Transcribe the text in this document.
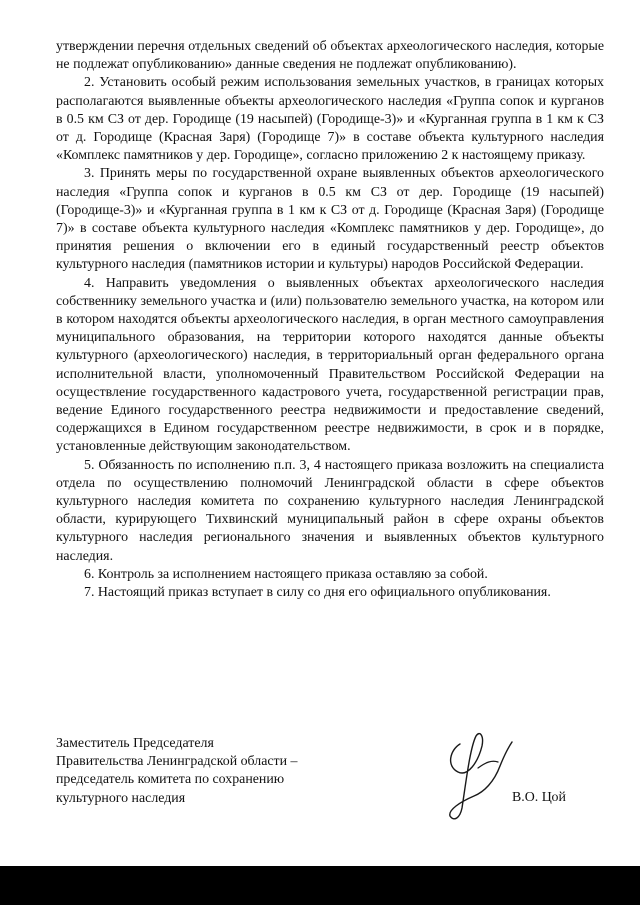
утверждении перечня отдельных сведений об объектах археологического наследия, которые не подлежат опубликованию» данные сведения не подлежат опубликованию).

2. Установить особый режим использования земельных участков, в границах которых располагаются выявленные объекты археологического наследия «Группа сопок и курганов в 0.5 км СЗ от дер. Городище (19 насыпей) (Городище-3)» и «Курганная группа в 1 км к СЗ от д. Городище (Красная Заря) (Городище 7)» в составе объекта культурного наследия «Комплекс памятников у дер. Городище», согласно приложению 2 к настоящему приказу.

3. Принять меры по государственной охране выявленных объектов археологического наследия «Группа сопок и курганов в 0.5 км СЗ от дер. Городище (19 насыпей) (Городище-3)» и «Курганная группа в 1 км к СЗ от д. Городище (Красная Заря) (Городище 7)» в составе объекта культурного наследия «Комплекс памятников у дер. Городище», до принятия решения о включении его в единый государственный реестр объектов культурного наследия (памятников истории и культуры) народов Российской Федерации.

4. Направить уведомления о выявленных объектах археологического наследия собственнику земельного участка и (или) пользователю земельного участка, на котором или в котором находятся объекты археологического наследия, в орган местного самоуправления муниципального образования, на территории которого находятся данные объекты культурного (археологического) наследия, в территориальный орган федерального органа исполнительной власти, уполномоченный Правительством Российской Федерации на осуществление государственного кадастрового учета, государственной регистрации прав, ведение Единого государственного реестра недвижимости и предоставление сведений, содержащихся в Едином государственном реестре недвижимости, в срок и в порядке, установленные действующим законодательством.

5. Обязанность по исполнению п.п. 3, 4 настоящего приказа возложить на специалиста отдела по осуществлению полномочий Ленинградской области в сфере объектов культурного наследия комитета по сохранению культурного наследия Ленинградской области, курирующего Тихвинский муниципальный район в сфере охраны объектов культурного наследия регионального значения и выявленных объектов культурного наследия.

6. Контроль за исполнением настоящего приказа оставляю за собой.

7. Настоящий приказ вступает в силу со дня его официального опубликования.

Заместитель Председателя
Правительства Ленинградской области –
председатель комитета по сохранению
культурного наследия	В.О. Цой
